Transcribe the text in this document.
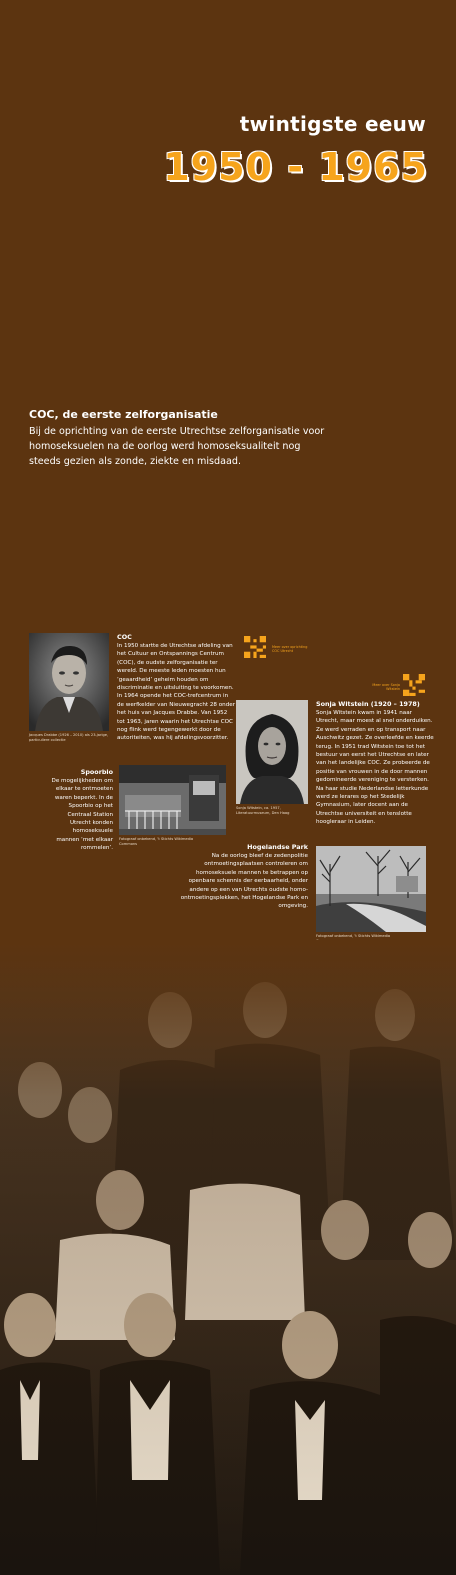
twintigste eeuw
1950 - 1965
COC, de eerste zelforganisatie
Bij de oprichting van de eerste Utrechtse zelforganisatie voor homoseksuelen na de oorlog werd homoseksualiteit nog steeds gezien als zonde, ziekte en misdaad.
Jacques Drabbe (1926 – 2010) als 23-jarige, particuliere collectie
COC
In 1950 startte de Utrechtse afdeling van het Cultuur en Ontspannings Centrum (COC), de oudste zelforganisatie ter wereld. De meeste leden moesten hun ‘geaardheid’ geheim houden om discriminatie en uitsluiting te voorkomen. In 1964 opende het COC-trefcentrum in de werfkelder van Nieuwegracht 28 onder het huis van Jacques Drabbe. Van 1952 tot 1963, jaren waarin het Utrechtse COC nog flink werd tegengewerkt door de autoriteiten, was hij afdelingsvoorzitter.
Meer over oprichting COC Utrecht
Meer over Sonja Witstein
Sonja Witstein, ca. 1957, Literatuurmuseum, Den Haag
Sonja Witstein (1920 – 1978)
Sonja Witstein kwam in 1941 naar Utrecht, maar moest al snel onderduiken. Ze werd verraden en op transport naar Auschwitz gezet. Ze overleefde en keerde terug. In 1951 trad Witstein toe tot het bestuur van eerst het Utrechtse en later van het landelijke COC. Ze probeerde de positie van vrouwen in de door mannen gedomineerde vereniging te versterken. Na haar studie Nederlandse letterkunde werd ze lerares op het Stedelijk Gymnasium, later docent aan de Utrechtse universiteit en tenslotte hoogleraar in Leiden.
Spoorbio
De mogelijkheden om elkaar te ontmoeten waren beperkt. In de Spoorbio op het Centraal Station Utrecht konden homoseksuele mannen ‘met elkaar rommelen’.
Fotograaf onbekend, ’t Stichts Wikimedia Commons	Hogelandse Park
Na de oorlog bleef de zedenpolitie ontmoetingsplaatsen controleren om homoseksuele mannen te betrappen op openbare schennis der eerbaarheid, onder andere op een van Utrechts oudste homo-ontmoetingsplekken, het Hogelandse Park en omgeving.
Fotograaf onbekend, ’t Stichts Wikimedia
